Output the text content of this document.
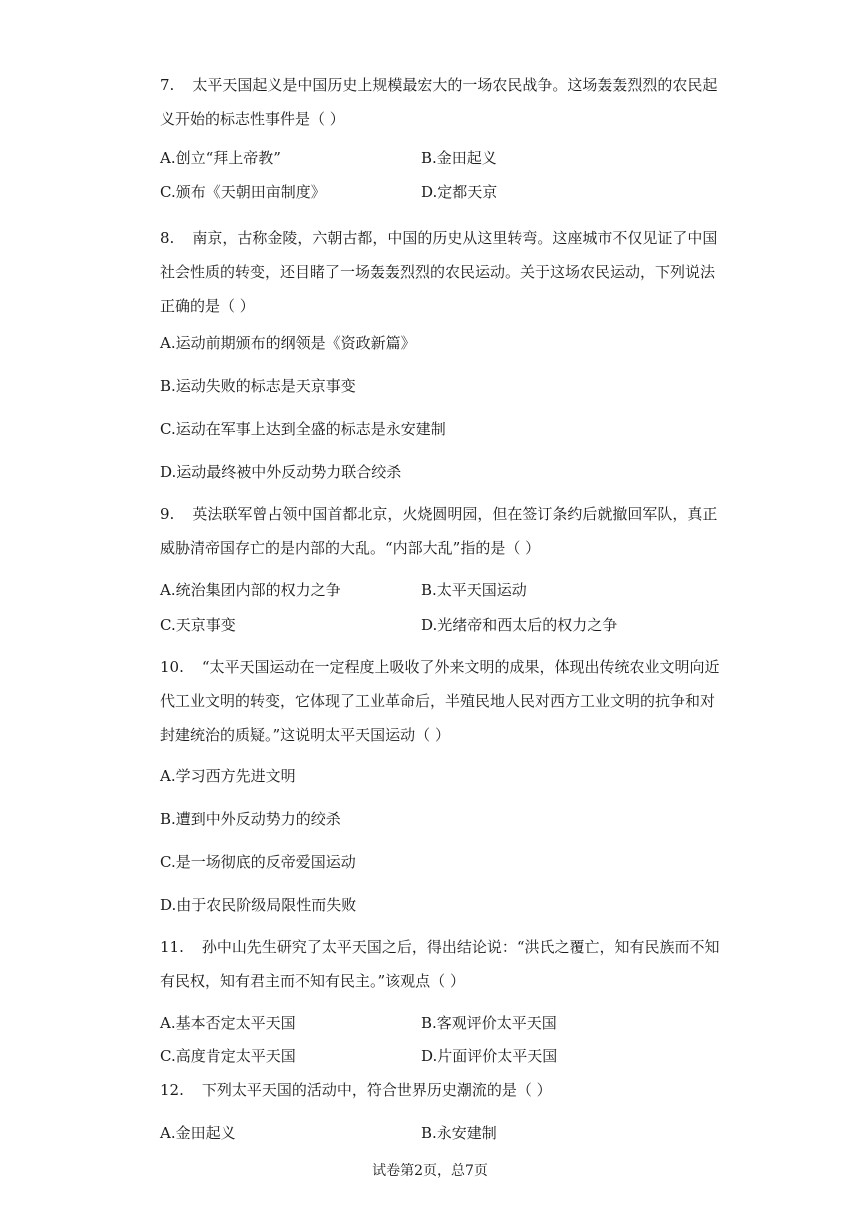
7. 太平天国起义是中国历史上规模最宏大的一场农民战争。这场轰轰烈烈的农民起
义开始的标志性事件是（ ）
A.创立“拜上帝教”	B.金田起义
C.颁布《天朝田亩制度》	D.定都天京
8. 南京，古称金陵，六朝古都，中国的历史从这里转弯。这座城市不仅见证了中国
社会性质的转变，还目睹了一场轰轰烈烈的农民运动。关于这场农民运动，下列说法
正确的是（ ）
A.运动前期颁布的纲领是《资政新篇》
B.运动失败的标志是天京事变
C.运动在军事上达到全盛的标志是永安建制
D.运动最终被中外反动势力联合绞杀
9. 英法联军曾占领中国首都北京，火烧圆明园，但在签订条约后就撤回军队，真正
威胁清帝国存亡的是内部的大乱。“内部大乱”指的是（ ）
A.统治集团内部的权力之争	B.太平天国运动
C.天京事变	D.光绪帝和西太后的权力之争
10. “太平天国运动在一定程度上吸收了外来文明的成果，体现出传统农业文明向近
代工业文明的转变，它体现了工业革命后，半殖民地人民对西方工业文明的抗争和对
封建统治的质疑。”这说明太平天国运动（ ）
A.学习西方先进文明
B.遭到中外反动势力的绞杀
C.是一场彻底的反帝爱国运动
D.由于农民阶级局限性而失败
11. 孙中山先生研究了太平天国之后，得出结论说：“洪氏之覆亡，知有民族而不知
有民权，知有君主而不知有民主。”该观点（ ）
A.基本否定太平天国	B.客观评价太平天国
C.高度肯定太平天国	D.片面评价太平天国
12. 下列太平天国的活动中，符合世界历史潮流的是（ ）
A.金田起义	B.永安建制
试卷第2页，总7页
